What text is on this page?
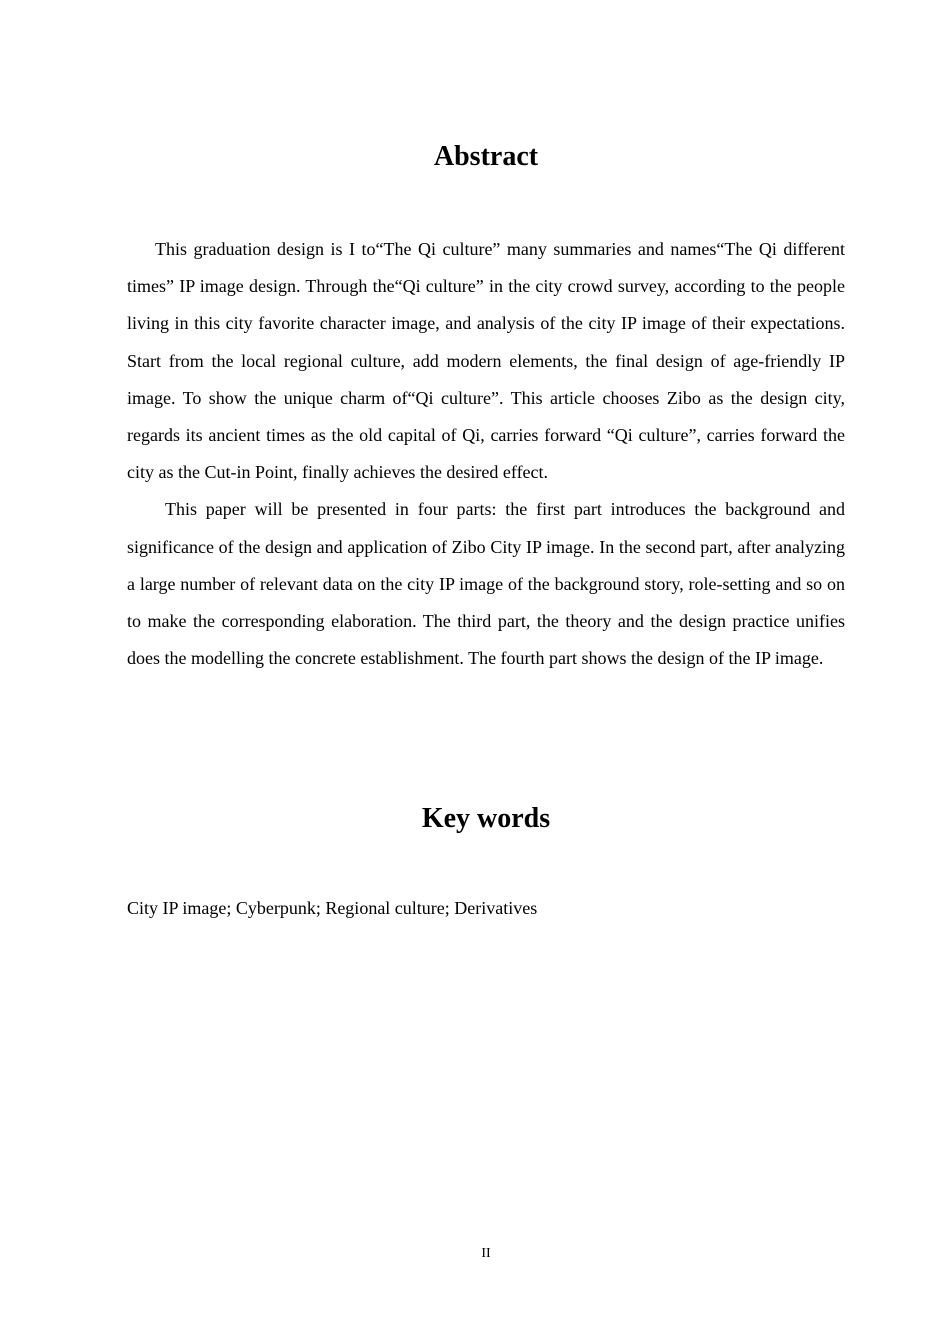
Abstract

This graduation design is I to“The Qi culture” many summaries and names“The Qi different times” IP image design. Through the“Qi culture” in the city crowd survey, according to the people living in this city favorite character image, and analysis of the city IP image of their expectations. Start from the local regional culture, add modern elements, the final design of age-friendly IP image. To show the unique charm of“Qi culture”. This article chooses Zibo as the design city, regards its ancient times as the old capital of Qi, carries forward “Qi culture”, carries forward the city as the Cut-in Point, finally achieves the desired effect.

This paper will be presented in four parts: the first part introduces the background and significance of the design and application of Zibo City IP image. In the second part, after analyzing a large number of relevant data on the city IP image of the background story, role-setting and so on to make the corresponding elaboration. The third part, the theory and the design practice unifies does the modelling the concrete establishment. The fourth part shows the design of the IP image.

Key words

City IP image; Cyberpunk; Regional culture; Derivatives

II
